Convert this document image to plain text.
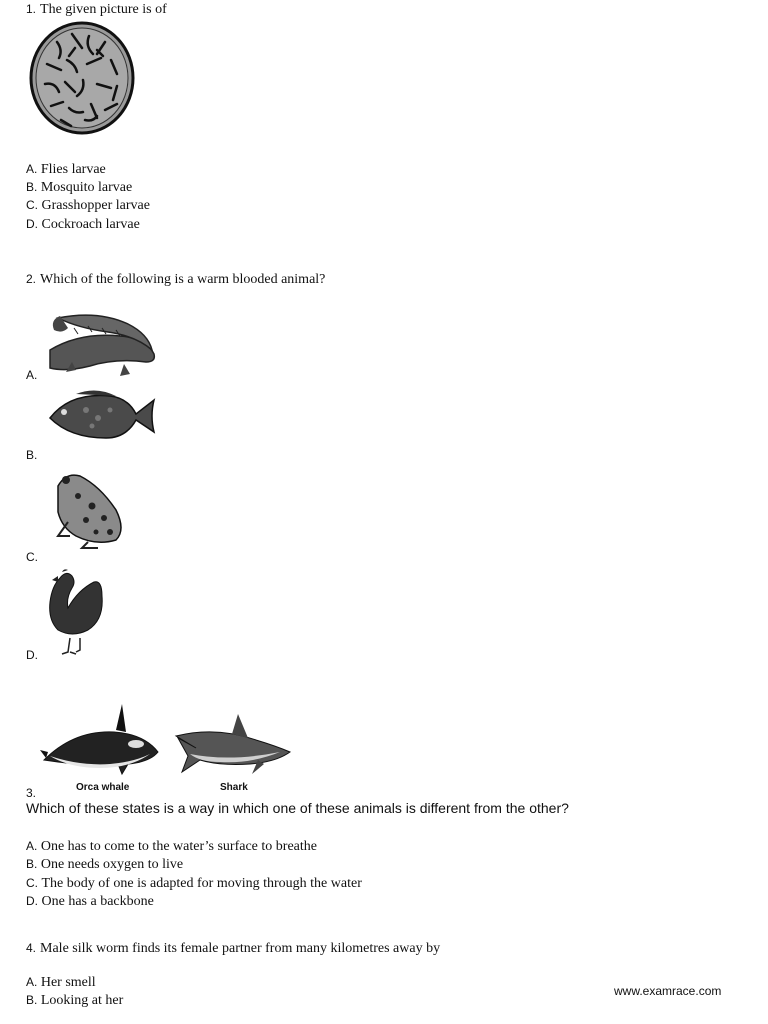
1. The given picture is of
A. Flies larvae
B. Mosquito larvae
C. Grasshopper larvae
D. Cockroach larvae
2. Which of the following is a warm blooded animal?
A.
B.
C.
D.
Orca whale	Shark
3.
Which of these states is a way in which one of these animals is different from the other?
A. One has to come to the water’s surface to breathe
B. One needs oxygen to live
C. The body of one is adapted for moving through the water
D. One has a backbone
4. Male silk worm finds its female partner from many kilometres away by
A. Her smell
B. Looking at her
www.examrace.com
